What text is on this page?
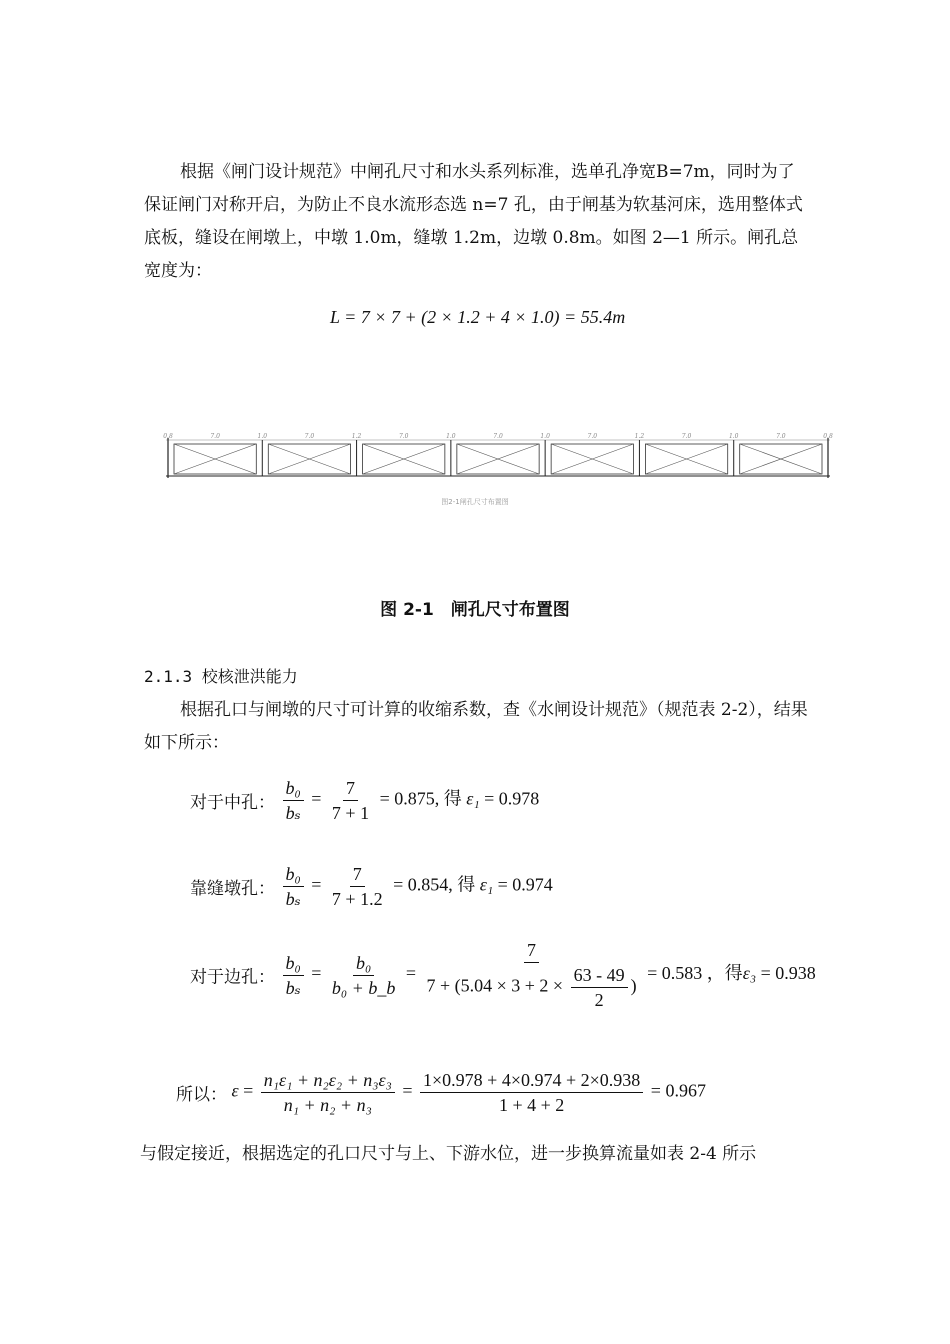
根据《闸门设计规范》中闸孔尺寸和水头系列标准，选单孔净宽B=7m，同时为了保证闸门对称开启，为防止不良水流形态选 n=7 孔，由于闸基为软基河床，选用整体式底板，缝设在闸墩上，中墩 1.0m，缝墩 1.2m，边墩 0.8m。如图 2—1 所示。闸孔总宽度为：

L = 7 × 7 + (2 × 1.2 + 4 × 1.0) = 55.4m
0.8	7.0	1.0	7.0	1.2	7.0	1.0	7.0	1.0	7.0	1.2	7.0	1.0	7.0	0.8
图2-1闸孔尺寸布置图
图 2-1　闸孔尺寸布置图
2.1.3 校核泄洪能力

根据孔口与闸墩的尺寸可计算的收缩系数，查《水闸设计规范》（规范表 2-2），结果如下所示：

对于中孔： $\frac{\text{b₀}}{\text{bₛ}} = \frac{7}{7 + 1} = 0.875$, 得 ε₁ = 0.978
靠缝墩孔： $\frac{\text{b₀}}{\text{bₛ}} = \frac{7}{7 + 1.2} = 0.854$, 得 ε₁ = 0.974
对于边孔： $\frac{\text{b₀}}{\text{bₛ}} = \frac{\text{b₀}}{\text{b₀ + b\_b}} = \frac{7}{7 + (5.04 \times 3 + 2 \times \frac{63 - 49}{2} )} = 0.583$ ，得ε₃ = 0.938
所以： $\varepsilon = \frac{\text{n₁ε₁ + n₂ε₂ + n₃ε₃}}{\text{n₁ + n₂ + n₃}} = \frac{1\times 0.978 + 4\times 0.974 + 2\times 0.938}{1 + 4 + 2} = 0.967$

与假定接近，根据选定的孔口尺寸与上、下游水位，进一步换算流量如表 2-4 所示
